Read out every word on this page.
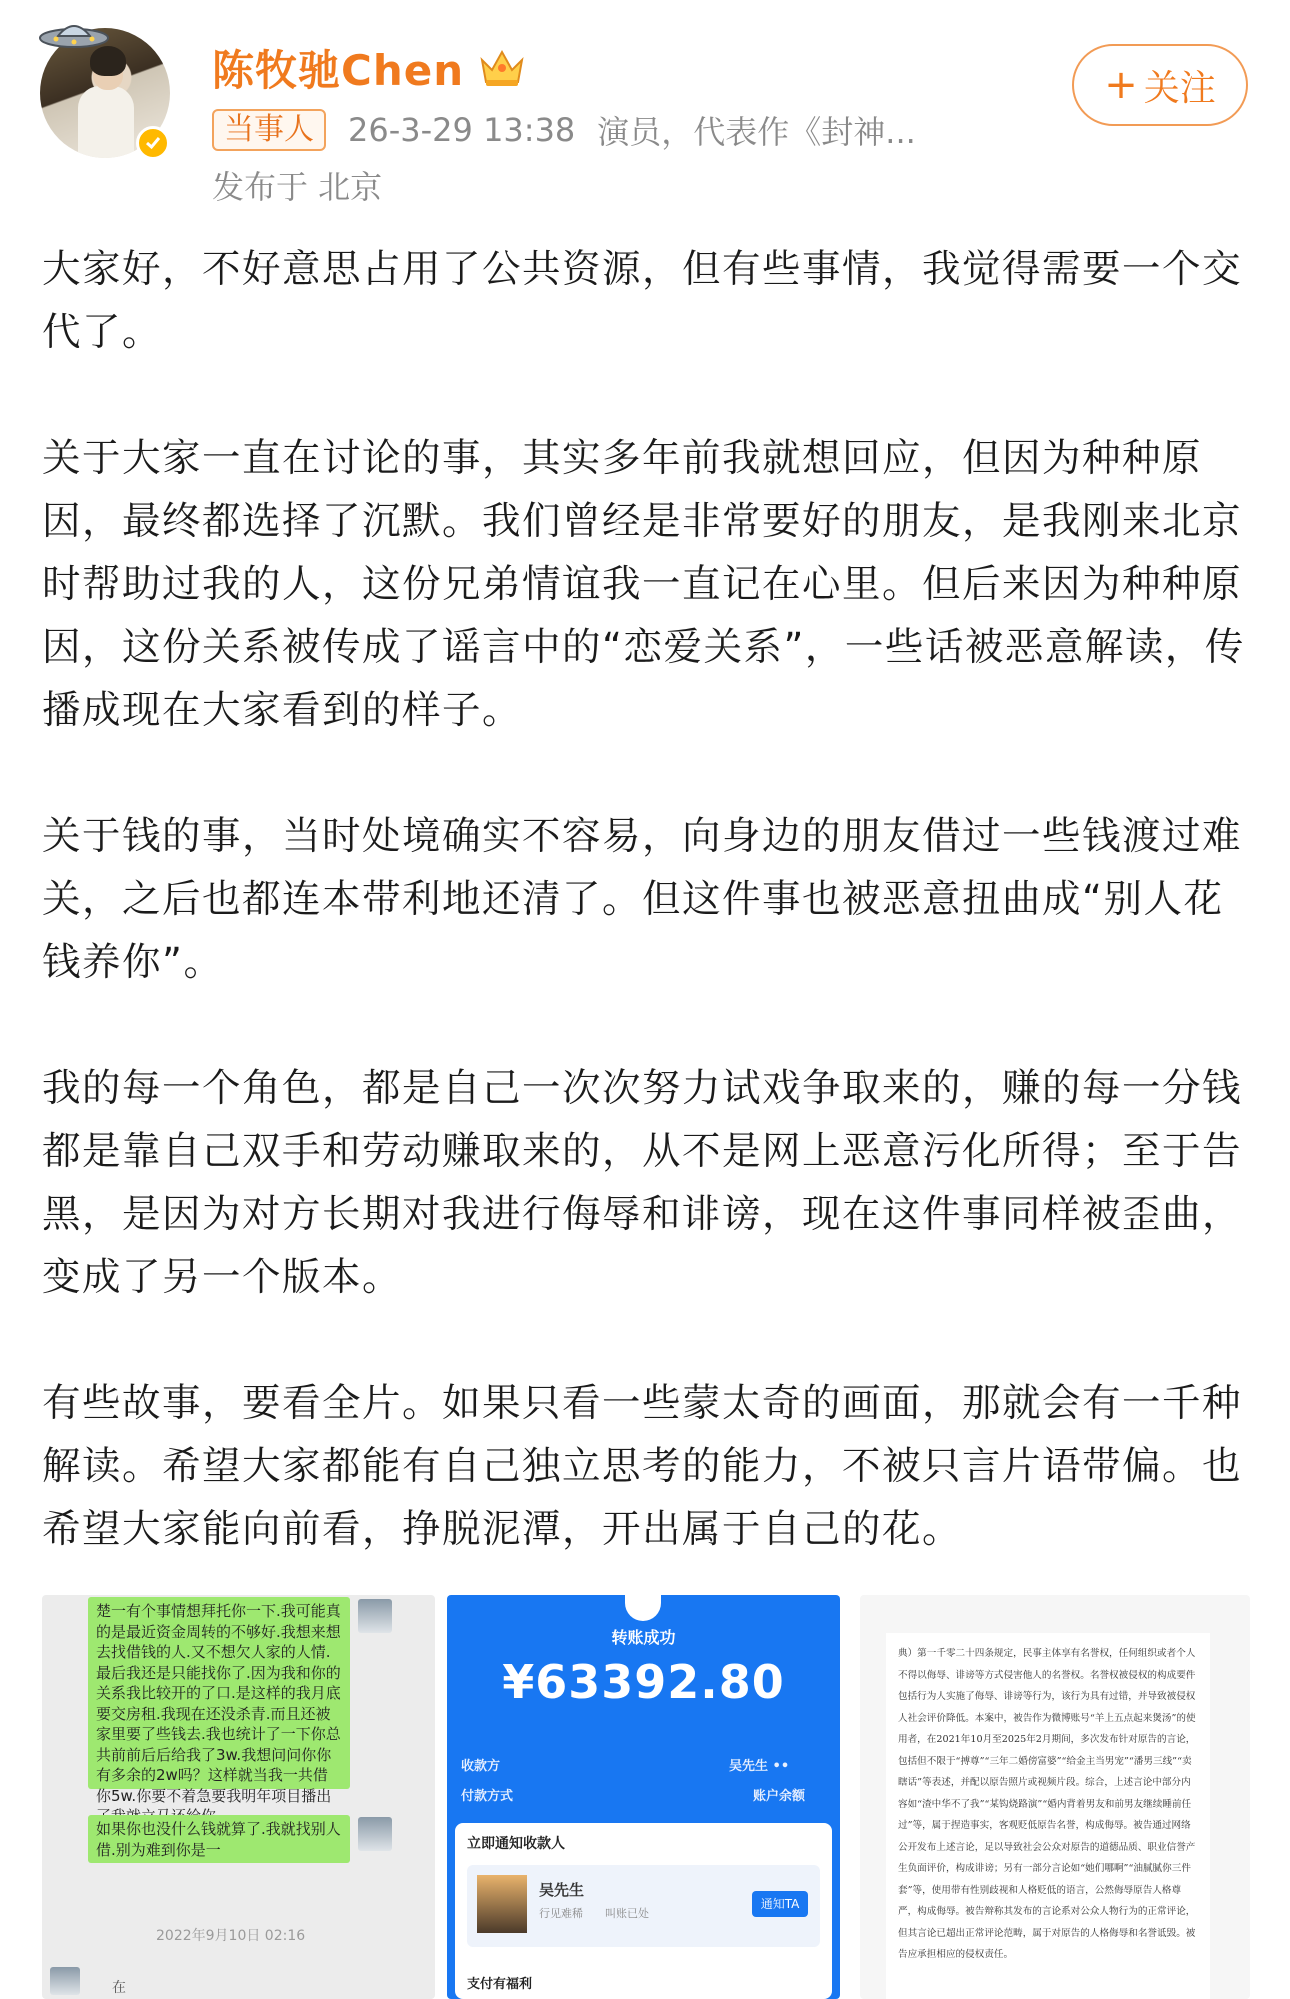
陈牧驰Chen
当事人	26-3-29 13:38 演员，代表作《封神...
发布于 北京
+ 关注

大家好，不好意思占用了公共资源，但有些事情，我觉得需要一个交代了。

关于大家一直在讨论的事，其实多年前我就想回应，但因为种种原因，最终都选择了沉默。我们曾经是非常要好的朋友，是我刚来北京时帮助过我的人，这份兄弟情谊我一直记在心里。但后来因为种种原因，这份关系被传成了谣言中的“恋爱关系”，一些话被恶意解读，传播成现在大家看到的样子。

关于钱的事，当时处境确实不容易，向身边的朋友借过一些钱渡过难关，之后也都连本带利地还清了。但这件事也被恶意扭曲成“别人花钱养你”。

我的每一个角色，都是自己一次次努力试戏争取来的，赚的每一分钱都是靠自己双手和劳动赚取来的，从不是网上恶意污化所得；至于告黑，是因为对方长期对我进行侮辱和诽谤，现在这件事同样被歪曲，变成了另一个版本。

有些故事，要看全片。如果只看一些蒙太奇的画面，那就会有一千种解读。希望大家都能有自己独立思考的能力，不被只言片语带偏。也希望大家能向前看，挣脱泥潭，开出属于自己的花。

楚一有个事情想拜托你一下.我可能真的是最近资金周转的不够好.我想来想去找借钱的人.又不想欠人家的人情.最后我还是只能找你了.因为我和你的关系我比较开的了口.是这样的我月底要交房租.我现在还没杀青.而且还被家里要了些钱去.我也统计了一下你总共前前后后给我了3w.我想问问你你有多余的2w吗？这样就当我一共借你5w.你要不着急要我明年项目播出
如果你也没什么钱就算了.我就找别人借.别为难到你是一
2022年9月10日 02:16
在
转账成功
¥63392.80
收款方	吴先生 ••
付款方式	账户余额
立即通知收款人
吴先生
行见难稀　　叫账已处
通知TA
支付有福利
典）第一千零二十四条规定，民事主体享有名誉权，任何组织或者个人不得以侮辱、诽谤等方式侵害他人的名誉权。名誉权被侵权的构成要件包括行为人实施了侮辱、诽谤等行为，该行为具有过错，并导致被侵权人社会评价降低。本案中，被告作为微博账号“羊上五点起来煲汤”的使用者，在2021年10月至2025年2月期间，多次发布针对原告的言论，包括但不限于“搏尊”“三年二婚傍富婆”“给金主当男宠”“潘男三线”“卖瞎话”等表述，并配以原告照片或视频片段。综合，上述言论中部分内容如“渣中华不了我”“某钩烧路演”“婚内背着男友和前男友继续睡前任过”等，属于捏造事实，客观贬低原告名誉，构成侮辱。被告通过网络公开发布上述言论，足以导致社会公众对原告的道德品质、职业信誉产生负面评价，构成诽谤；另有一部分言论如“她们哪啊”“油腻腻你三件套”等，使用带有性别歧视和人格贬低的语言，公然侮辱原告人格尊严，构成侮辱。被告辩称其发布的言论系对公众人物行为的正常评论，但其言论已超出正常评论范畴，属于对原告的人格侮辱和名誉诋毁。被告应承担相应的侵权责任。
